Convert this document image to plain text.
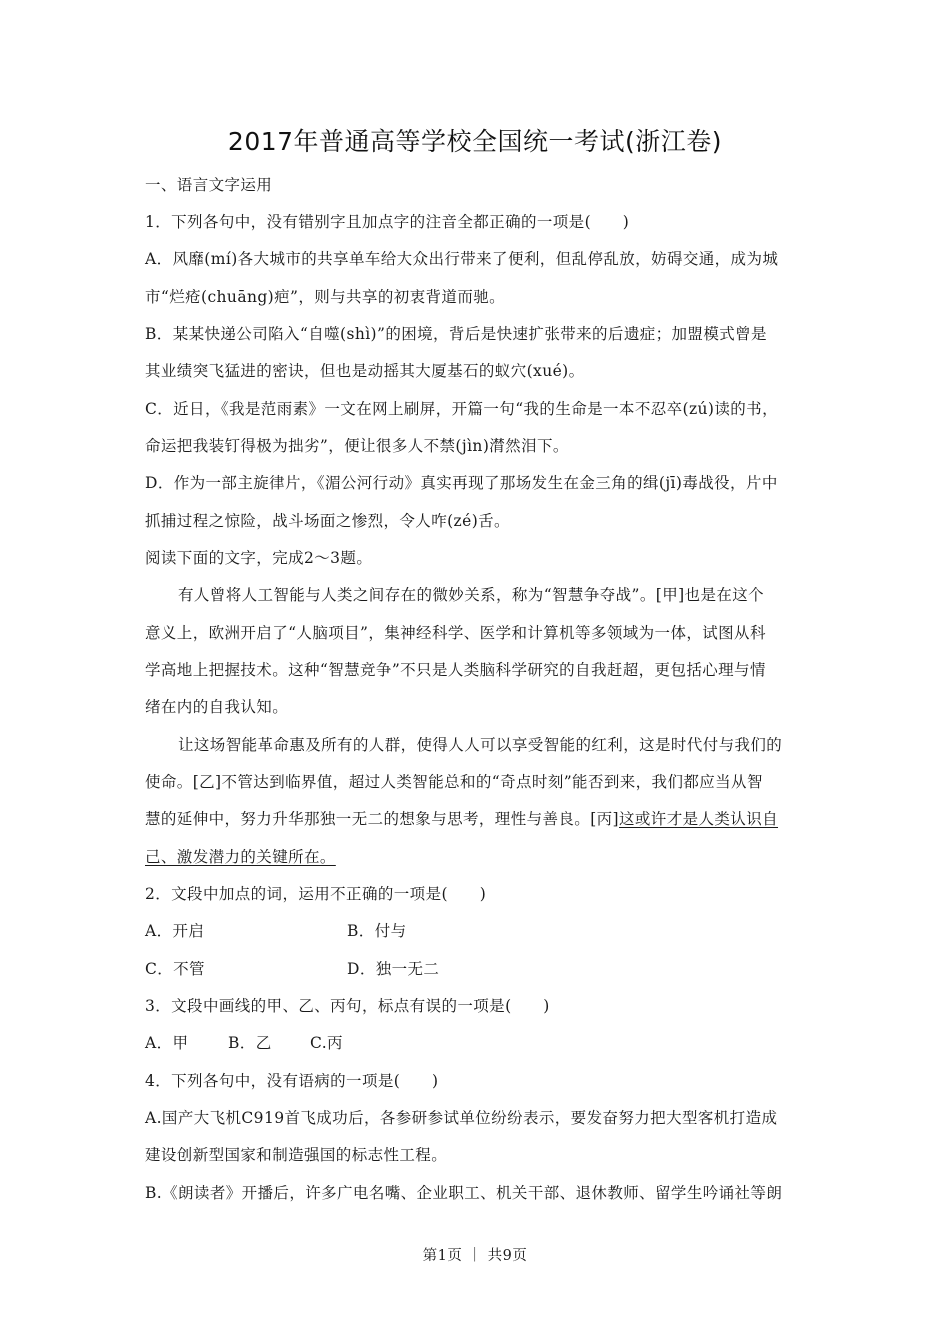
2017年普通高等学校全国统一考试(浙江卷)
一、语言文字运用
1．下列各句中，没有错别字且加点字的注音全都正确的一项是(　　)
A．风靡(mí)各大城市的共享单车给大众出行带来了便利，但乱停乱放，妨碍交通，成为城
市“烂疮(chuāng)疤”，则与共享的初衷背道而驰。
B．某某快递公司陷入“自噬(shì)”的困境，背后是快速扩张带来的后遗症；加盟模式曾是
其业绩突飞猛进的密诀，但也是动摇其大厦基石的蚁穴(xué)。
C．近日，《我是范雨素》一文在网上刷屏，开篇一句“我的生命是一本不忍卒(zú)读的书，
命运把我装钉得极为拙劣”，便让很多人不禁(jìn)潸然泪下。
D．作为一部主旋律片，《湄公河行动》真实再现了那场发生在金三角的缉(jī)毒战役，片中
抓捕过程之惊险，战斗场面之惨烈，令人咋(zé)舌。
阅读下面的文字，完成2～3题。
有人曾将人工智能与人类之间存在的微妙关系，称为“智慧争夺战”。[甲]也是在这个
意义上，欧洲开启了“人脑项目”，集神经科学、医学和计算机等多领域为一体，试图从科
学高地上把握技术。这种“智慧竞争”不只是人类脑科学研究的自我赶超，更包括心理与情
绪在内的自我认知。
让这场智能革命惠及所有的人群，使得人人可以享受智能的红利，这是时代付与我们的
使命。[乙]不管达到临界值，超过人类智能总和的“奇点时刻”能否到来，我们都应当从智
慧的延伸中，努力升华那独一无二的想象与思考，理性与善良。[丙]这或许才是人类认识自
己、激发潜力的关键所在。
2．文段中加点的词，运用不正确的一项是(　　)
A．开启	B．付与
C．不管	D．独一无二
3．文段中画线的甲、乙、丙句，标点有误的一项是(　　)
A．甲	B．乙 C.丙
4．下列各句中，没有语病的一项是(　　)
A.国产大飞机C919首飞成功后，各参研参试单位纷纷表示，要发奋努力把大型客机打造成
建设创新型国家和制造强国的标志性工程。
B.《朗读者》开播后，许多广电名嘴、企业职工、机关干部、退休教师、留学生吟诵社等朗
第1页 ｜ 共9页
